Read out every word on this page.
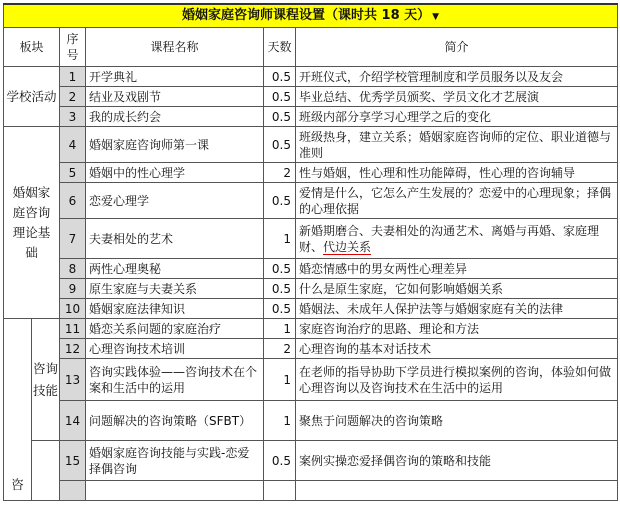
婚姻家庭咨询师课程设置（课时共 18 天） ▼					
板块		序号	课程名称	天数	简介
学校活动		1	开学典礼	0.5	开班仪式，介绍学校管理制度和学员服务以及友会
		2	结业及戏剧节	0.5	毕业总结、优秀学员颁奖、学员文化才艺展演
		3	我的成长约会	0.5	班级内部分享学习心理学之后的变化
婚姻家庭咨询理论基础		4	婚姻家庭咨询师第一课	0.5	班级热身，建立关系；婚姻家庭咨询师的定位、职业道德与准则
		5	婚姻中的性心理学	2	性与婚姻，性心理和性功能障碍，性心理的咨询辅导
		6	恋爱心理学	0.5	爱情是什么，它怎么产生发展的？恋爱中的心理现象；择偶的心理依据
		7	夫妻相处的艺术	1	新婚期磨合、夫妻相处的沟通艺术、离婚与再婚、家庭理财、代边关系
		8	两性心理奥秘	0.5	婚恋情感中的男女两性心理差异
		9	原生家庭与夫妻关系	0.5	什么是原生家庭，它如何影响婚姻关系
		10	婚姻家庭法律知识	0.5	婚姻法、未成年人保护法等与婚姻家庭有关的法律
咨	咨询技能	11	婚恋关系问题的家庭治疗	1	家庭咨询治疗的思路、理论和方法
		12	心理咨询技术培训	2	心理咨询的基本对话技术
		13	咨询实践体验——咨询技术在个案和生活中的运用	1	在老师的指导协助下学员进行模拟案例的咨询，体验如何做心理咨询以及咨询技术在生活中的运用
		14	问题解决的咨询策略（SFBT）	1	聚焦于问题解决的咨询策略
		15	婚姻家庭咨询技能与实践-恋爱择偶咨询	0.5	案例实操恋爱择偶咨询的策略和技能
